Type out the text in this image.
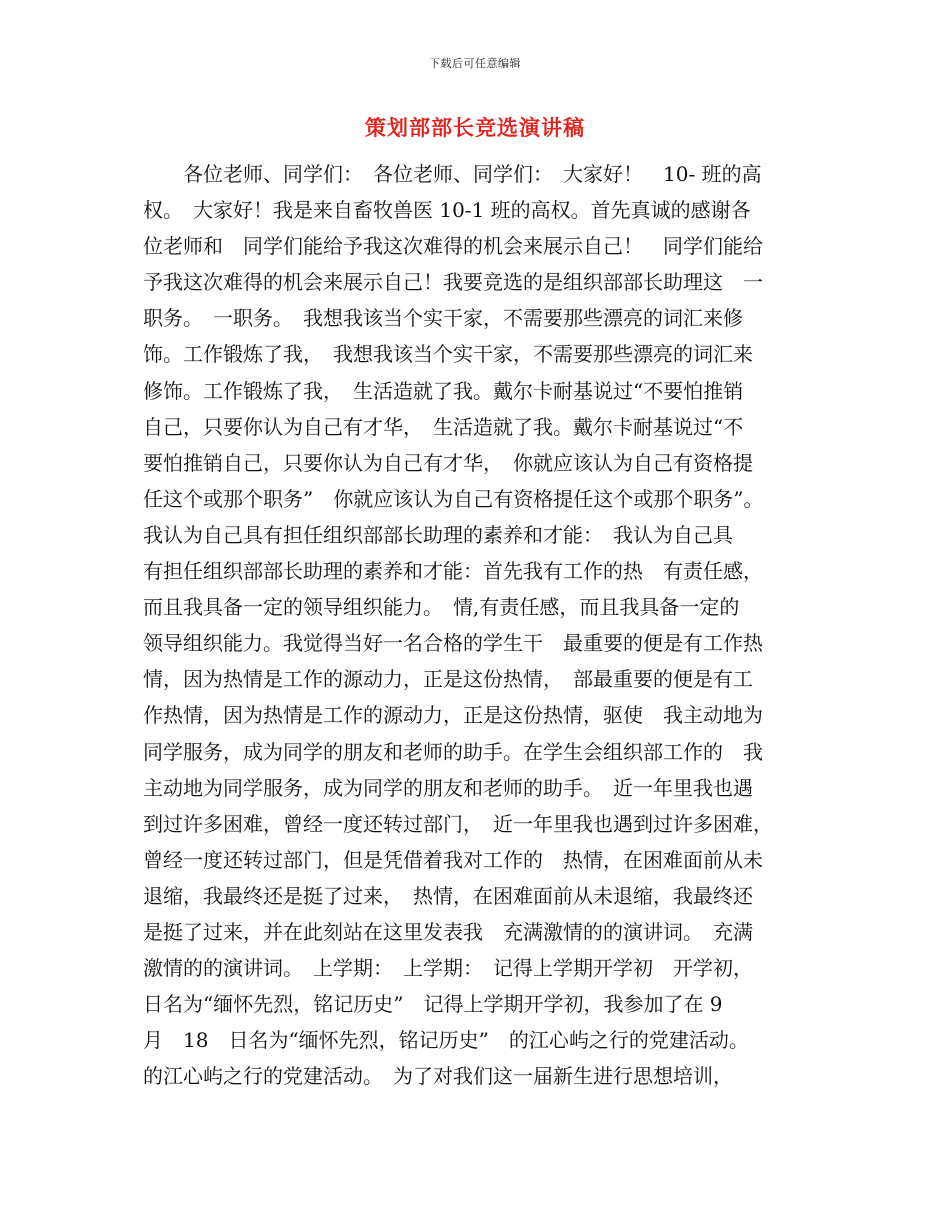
下载后可任意编辑
策划部部长竞选演讲稿
　　各位老师、同学们：　各位老师、同学们：　大家好！　10- 班的高
权。　大家好！我是来自畜牧兽医 10-1 班的高权。首先真诚的感谢各
位老师和　同学们能给予我这次难得的机会来展示自己！　同学们能给
予我这次难得的机会来展示自己！我要竞选的是组织部部长助理这　一
职务。　一职务。　我想我该当个实干家，不需要那些漂亮的词汇来修
饰。工作锻炼了我，　我想我该当个实干家，不需要那些漂亮的词汇来
修饰。工作锻炼了我，　生活造就了我。戴尔卡耐基说过“不要怕推销
自己，只要你认为自己有才华，　生活造就了我。戴尔卡耐基说过“不
要怕推销自己，只要你认为自己有才华，　你就应该认为自己有资格提
任这个或那个职务”　你就应该认为自己有资格提任这个或那个职务”。
我认为自己具有担任组织部部长助理的素养和才能：　我认为自己具
有担任组织部部长助理的素养和才能：首先我有工作的热　有责任感，
而且我具备一定的领导组织能力。　情,有责任感，而且我具备一定的
领导组织能力。我觉得当好一名合格的学生干　最重要的便是有工作热
情，因为热情是工作的源动力，正是这份热情，　部最重要的便是有工
作热情，因为热情是工作的源动力，正是这份热情，驱使　我主动地为
同学服务，成为同学的朋友和老师的助手。在学生会组织部工作的　我
主动地为同学服务，成为同学的朋友和老师的助手。　近一年里我也遇
到过许多困难，曾经一度还转过部门，　近一年里我也遇到过许多困难，
曾经一度还转过部门，但是凭借着我对工作的　热情，在困难面前从未
退缩，我最终还是挺了过来，　热情，在困难面前从未退缩，我最终还
是挺了过来，并在此刻站在这里发表我　充满激情的的演讲词。　充满
激情的的演讲词。　上学期：　上学期：　记得上学期开学初　开学初，
日名为“缅怀先烈，铭记历史”　记得上学期开学初，我参加了在 9
月　18　日名为“缅怀先烈，铭记历史”　的江心屿之行的党建活动。
的江心屿之行的党建活动。　为了对我们这一届新生进行思想培训，
